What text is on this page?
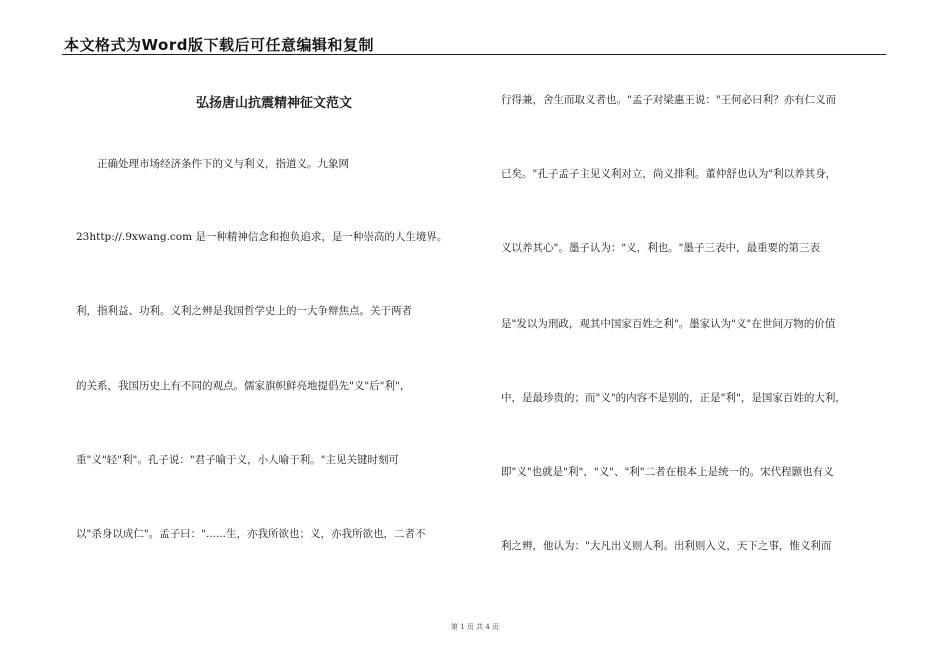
本文格式为Word版下载后可任意编辑和复制
弘扬唐山抗震精神征文范文
　　正确处理市场经济条件下的义与利义，指道义。九象网
23http://.9xwang.com 是一种精神信念和抱负追求，是一种崇高的人生境界。
利，指利益、功利。义利之辨是我国哲学史上的一大争辩焦点。关于两者
的关系，我国历史上有不同的观点。儒家旗帜鲜亮地提倡先"义"后"利"，
重"义"轻"利"。孔子说："君子喻于义，小人喻于利。"主见关键时刻可
以"杀身以成仁"。孟子曰："......生，亦我所欲也；义，亦我所欲也，二者不
行得兼，舍生而取义者也。"孟子对梁惠王说："王何必曰利？亦有仁义而
已矣。"孔子孟子主见义利对立，尚义排利。董仲舒也认为"利以养其身，
义以养其心"。墨子认为："义，利也。"墨子三表中，最重要的第三表
是"发以为刑政，观其中国家百姓之利"。墨家认为"义"在世间万物的价值
中，是最珍贵的；而"义"的内容不是别的，正是"利"，是国家百姓的大利，
即"义"也就是"利"，"义"、"利"二者在根本上是统一的。宋代程颢也有义
利之辨，他认为："大凡出义则人利。出利则入义，天下之事，惟义利而
第 1 页 共 4 页
